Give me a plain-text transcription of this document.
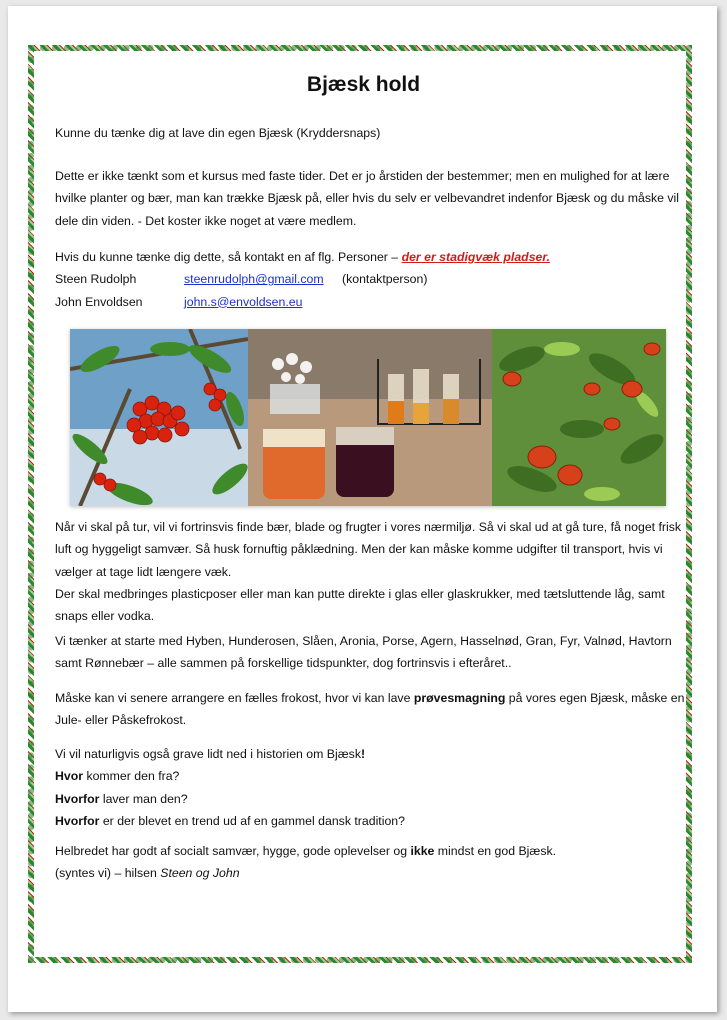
Bjæsk hold

Kunne du tænke dig at lave din egen Bjæsk (Kryddersnaps)

Dette er ikke tænkt som et kursus med faste tider. Det er jo årstiden der bestemmer; men en mulighed for at lære hvilke planter og bær, man kan trække Bjæsk på, eller hvis du selv er velbevandret indenfor Bjæsk og du måske vil dele din viden. - Det koster ikke noget at være medlem.

Hvis du kunne tænke dig dette, så kontakt en af flg. Personer – der er stadigvæk pladser.

Steen Rudolph	steenrudolph@gmail.com (kontaktperson)

John Envoldsen	john.s@envoldsen.eu

Når vi skal på tur, vil vi fortrinsvis finde bær, blade og frugter i vores nærmiljø. Så vi skal ud at gå ture, få noget frisk luft og hyggeligt samvær. Så husk fornuftig påklædning. Men der kan måske komme udgifter til transport, hvis vi vælger at tage lidt længere væk.

Der skal medbringes plasticposer eller man kan putte direkte i glas eller glaskrukker, med tætsluttende låg, samt snaps eller vodka.

Vi tænker at starte med Hyben, Hunderosen, Slåen, Aronia, Porse, Agern, Hasselnød, Gran, Fyr, Valnød, Havtorn samt Rønnebær – alle sammen på forskellige tidspunkter, dog fortrinsvis i efteråret..

Måske kan vi senere arrangere en fælles frokost, hvor vi kan lave prøvesmagning på vores egen Bjæsk, måske en Jule- eller Påskefrokost.

Vi vil naturligvis også grave lidt ned i historien om Bjæsk!

Hvor kommer den fra?

Hvorfor laver man den?

Hvorfor er der blevet en trend ud af en gammel dansk tradition?

Helbredet har godt af socialt samvær, hygge, gode oplevelser og ikke mindst en god Bjæsk.

(syntes vi) – hilsen Steen og John
